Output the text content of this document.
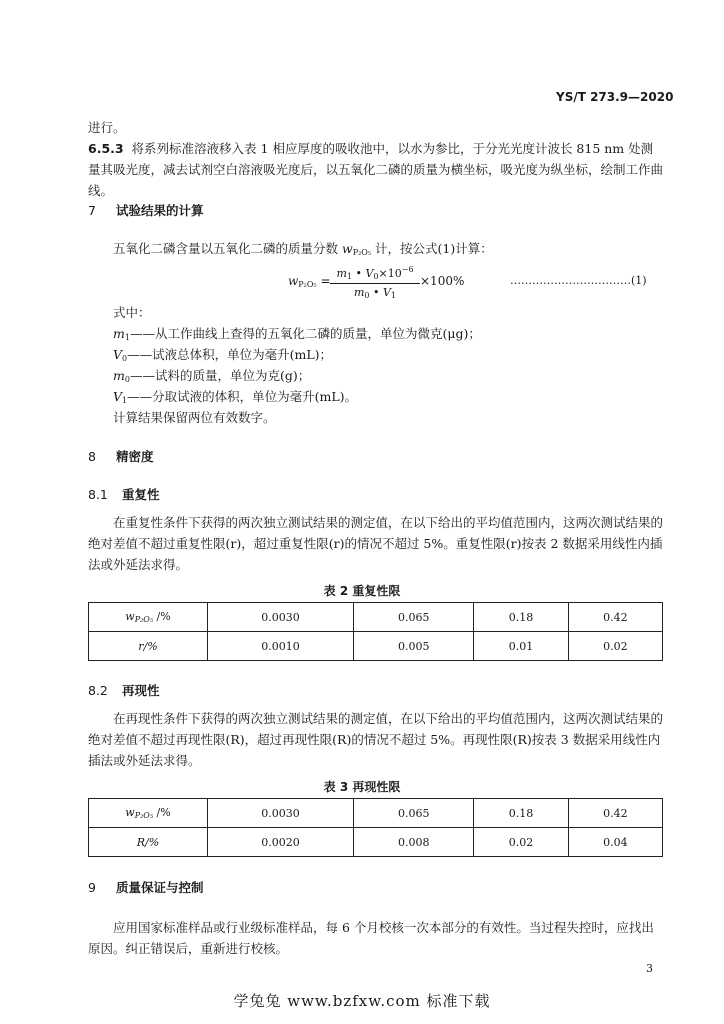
YS/T 273.9—2020
进行。
6.5.3 将系列标准溶液移入表 1 相应厚度的吸收池中，以水为参比，于分光光度计波长 815 nm 处测量其吸光度，减去试剂空白溶液吸光度后，以五氧化二磷的质量为横坐标，吸光度为纵坐标，绘制工作曲线。
7 试验结果的计算
五氧化二磷含量以五氧化二磷的质量分数 $w_{P_2O_5}$ 计，按公式(1)计算：
$w_{P_2O_5} = \frac{m_1 • V_0\times 10^{-6}}{m_0 • V_1} \times 100\%$	……………………………(1)
式中：
$m_1——$从工作曲线上查得的五氧化二磷的质量，单位为微克(μg)；
$V_0——$试液总体积，单位为毫升(mL)；
$m_0——$试料的质量，单位为克(g)；
$V_1——$分取试液的体积，单位为毫升(mL)。
计算结果保留两位有效数字。
8 精密度
8.1 重复性
在重复性条件下获得的两次独立测试结果的测定值，在以下给出的平均值范围内，这两次测试结果的绝对差值不超过重复性限(r)，超过重复性限(r)的情况不超过 5%。重复性限(r)按表 2 数据采用线性内插法或外延法求得。
表 2 重复性限
$w_{P_2O_5}$ /%	0.0030	0.065	0.18	0.42
r/%	0.0010	0.005	0.01	0.02
8.2 再现性
在再现性条件下获得的两次独立测试结果的测定值，在以下给出的平均值范围内，这两次测试结果的绝对差值不超过再现性限(R)，超过再现性限(R)的情况不超过 5%。再现性限(R)按表 3 数据采用线性内插法或外延法求得。
表 3 再现性限
$w_{P_2O_5}$ /%	0.0030	0.065	0.18	0.42
R/%	0.0020	0.008	0.02	0.04
9 质量保证与控制
应用国家标准样品或行业级标准样品，每 6 个月校核一次本部分的有效性。当过程失控时，应找出原因。纠正错误后，重新进行校核。
3
学兔兔 www.bzfxw.com 标准下载
